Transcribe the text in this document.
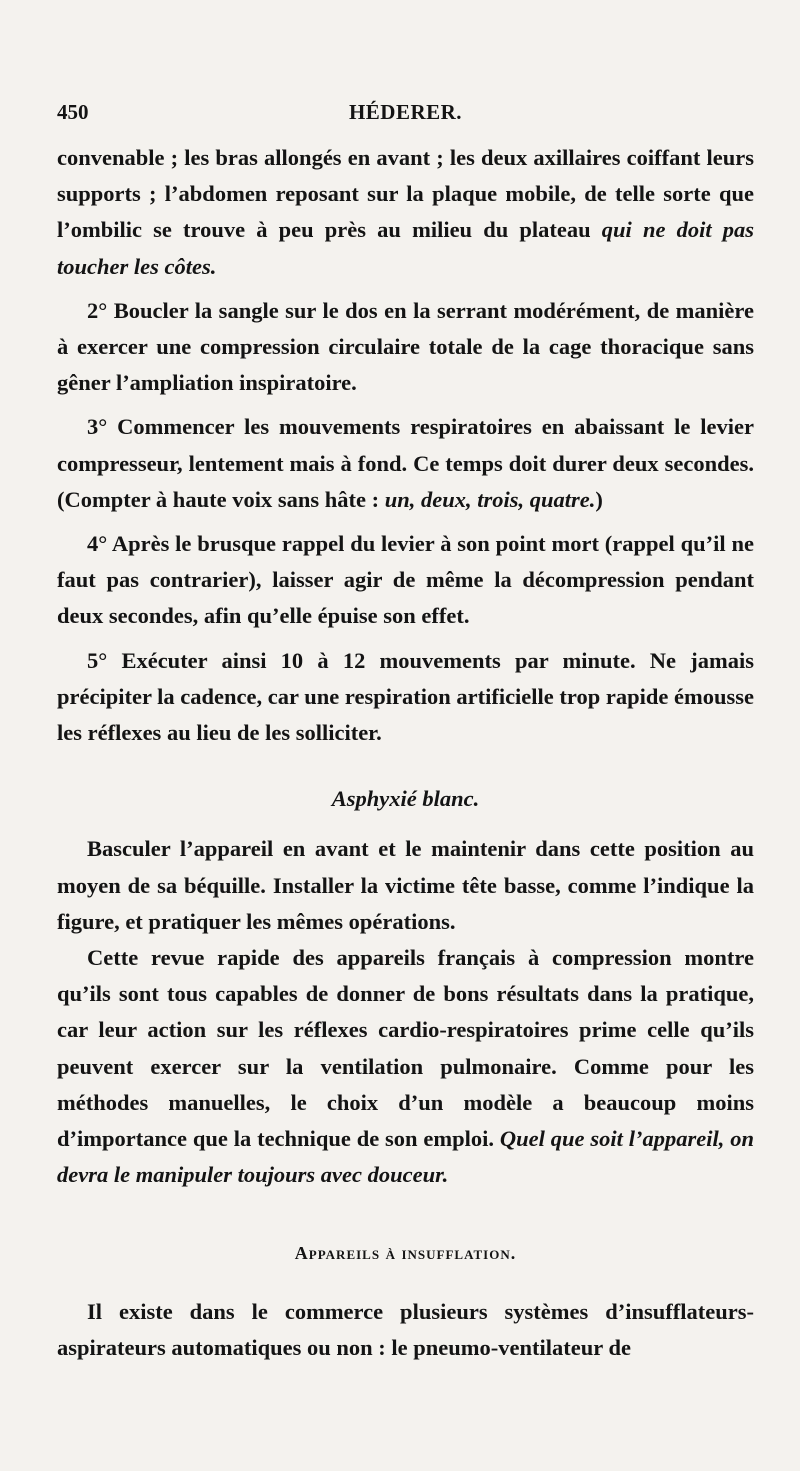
450	HÉDERER.

convenable ; les bras allongés en avant ; les deux axillaires coiffant leurs supports ; l’abdomen reposant sur la plaque mobile, de telle sorte que l’ombilic se trouve à peu près au milieu du plateau qui ne doit pas toucher les côtes.

2° Boucler la sangle sur le dos en la serrant modérément, de manière à exercer une compression circulaire totale de la cage thoracique sans gêner l’ampliation inspiratoire.

3° Commencer les mouvements respiratoires en abaissant le levier compresseur, lentement mais à fond. Ce temps doit durer deux secondes. (Compter à haute voix sans hâte : un, deux, trois, quatre.)

4° Après le brusque rappel du levier à son point mort (rappel qu’il ne faut pas contrarier), laisser agir de même la décompression pendant deux secondes, afin qu’elle épuise son effet.

5° Exécuter ainsi 10 à 12 mouvements par minute. Ne jamais précipiter la cadence, car une respiration artificielle trop rapide émousse les réflexes au lieu de les solliciter.

Asphyxié blanc.

Basculer l’appareil en avant et le maintenir dans cette position au moyen de sa béquille. Installer la victime tête basse, comme l’indique la figure, et pratiquer les mêmes opérations.

Cette revue rapide des appareils français à compression montre qu’ils sont tous capables de donner de bons résultats dans la pratique, car leur action sur les réflexes cardio-respiratoires prime celle qu’ils peuvent exercer sur la ventilation pulmonaire. Comme pour les méthodes manuelles, le choix d’un modèle a beaucoup moins d’importance que la technique de son emploi. Quel que soit l’appareil, on devra le manipuler toujours avec douceur.

Appareils à insufflation.

Il existe dans le commerce plusieurs systèmes d’insufflateurs-aspirateurs automatiques ou non : le pneumo-ventilateur de
